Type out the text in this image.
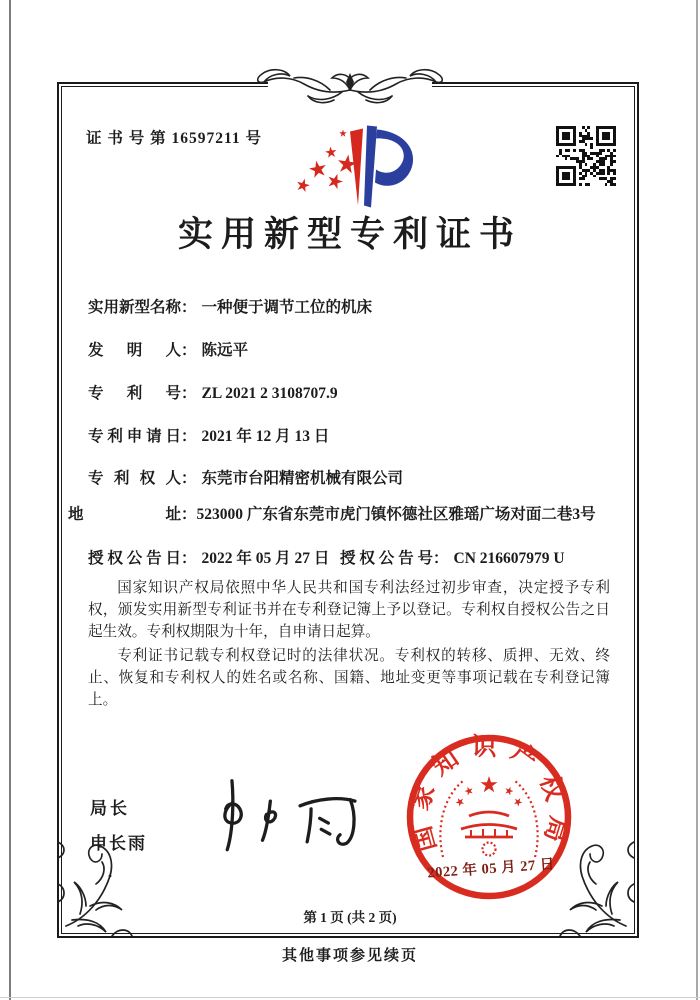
证 书 号 第 16597211 号
实用新型专利证书
实用新型名称： 一种便于调节工位的机床
发明人： 陈远平
专利号： ZL 2021 2 3108707.9
专利申请日： 2021 年 12 月 13 日
专利权人： 东莞市台阳精密机械有限公司
地址：523000 广东省东莞市虎门镇怀德社区雅瑶广场对面二巷3号
授权公告日： 2022 年 05 月 27 日 授权公告号： CN 216607979 U

国家知识产权局依照中华人民共和国专利法经过初步审查，决定授予专利权，颁发实用新型专利证书并在专利登记簿上予以登记。专利权自授权公告之日起生效。专利权期限为十年，自申请日起算。

专利证书记载专利权登记时的法律状况。专利权的转移、质押、无效、终止、恢复和专利权人的姓名或名称、国籍、地址变更等事项记载在专利登记簿上。

局长
申长雨	国家知识产权局
2022 年 05 月 27 日
第 1 页 (共 2 页)
其他事项参见续页
